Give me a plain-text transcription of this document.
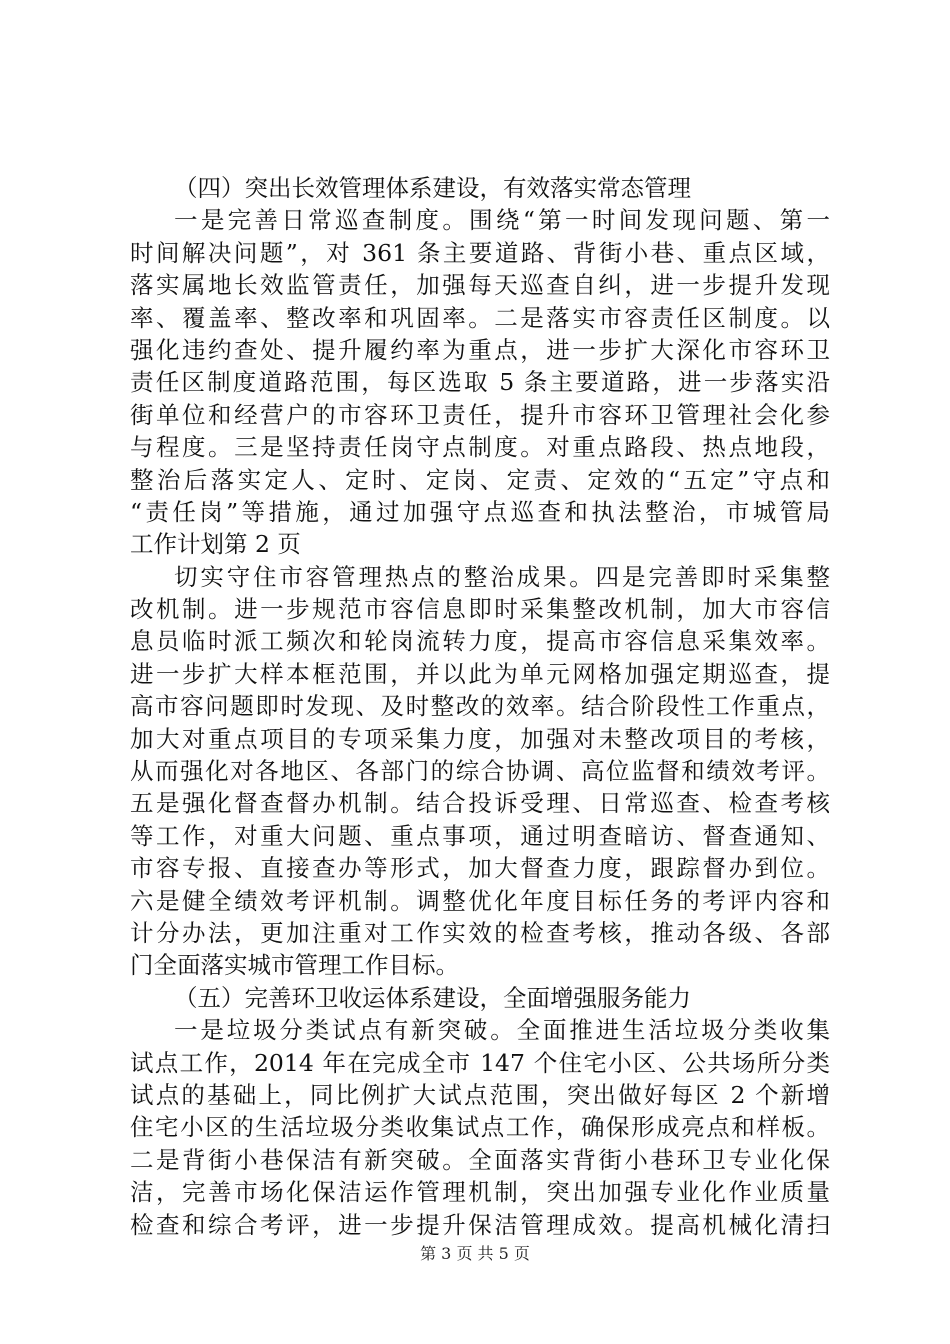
（四）突出长效管理体系建设，有效落实常态管理
一是完善日常巡查制度。围绕“第一时间发现问题、第一
时间解决问题”，对 361 条主要道路、背街小巷、重点区域，
落实属地长效监管责任，加强每天巡查自纠，进一步提升发现
率、覆盖率、整改率和巩固率。二是落实市容责任区制度。以
强化违约查处、提升履约率为重点，进一步扩大深化市容环卫
责任区制度道路范围，每区选取 5 条主要道路，进一步落实沿
街单位和经营户的市容环卫责任，提升市容环卫管理社会化参
与程度。三是坚持责任岗守点制度。对重点路段、热点地段，
整治后落实定人、定时、定岗、定责、定效的“五定”守点和
“责任岗”等措施，通过加强守点巡查和执法整治，市城管局
工作计划第 2 页
切实守住市容管理热点的整治成果。四是完善即时采集整
改机制。进一步规范市容信息即时采集整改机制，加大市容信
息员临时派工频次和轮岗流转力度，提高市容信息采集效率。
进一步扩大样本框范围，并以此为单元网格加强定期巡查，提
高市容问题即时发现、及时整改的效率。结合阶段性工作重点，
加大对重点项目的专项采集力度，加强对未整改项目的考核，
从而强化对各地区、各部门的综合协调、高位监督和绩效考评。
五是强化督查督办机制。结合投诉受理、日常巡查、检查考核
等工作，对重大问题、重点事项，通过明查暗访、督查通知、
市容专报、直接查办等形式，加大督查力度，跟踪督办到位。
六是健全绩效考评机制。调整优化年度目标任务的考评内容和
计分办法，更加注重对工作实效的检查考核，推动各级、各部
门全面落实城市管理工作目标。
（五）完善环卫收运体系建设，全面增强服务能力
一是垃圾分类试点有新突破。全面推进生活垃圾分类收集
试点工作，2014 年在完成全市 147 个住宅小区、公共场所分类
试点的基础上，同比例扩大试点范围，突出做好每区 2 个新增
住宅小区的生活垃圾分类收集试点工作，确保形成亮点和样板。
二是背街小巷保洁有新突破。全面落实背街小巷环卫专业化保
洁，完善市场化保洁运作管理机制，突出加强专业化作业质量
检查和综合考评，进一步提升保洁管理成效。提高机械化清扫
第 3 页 共 5 页
